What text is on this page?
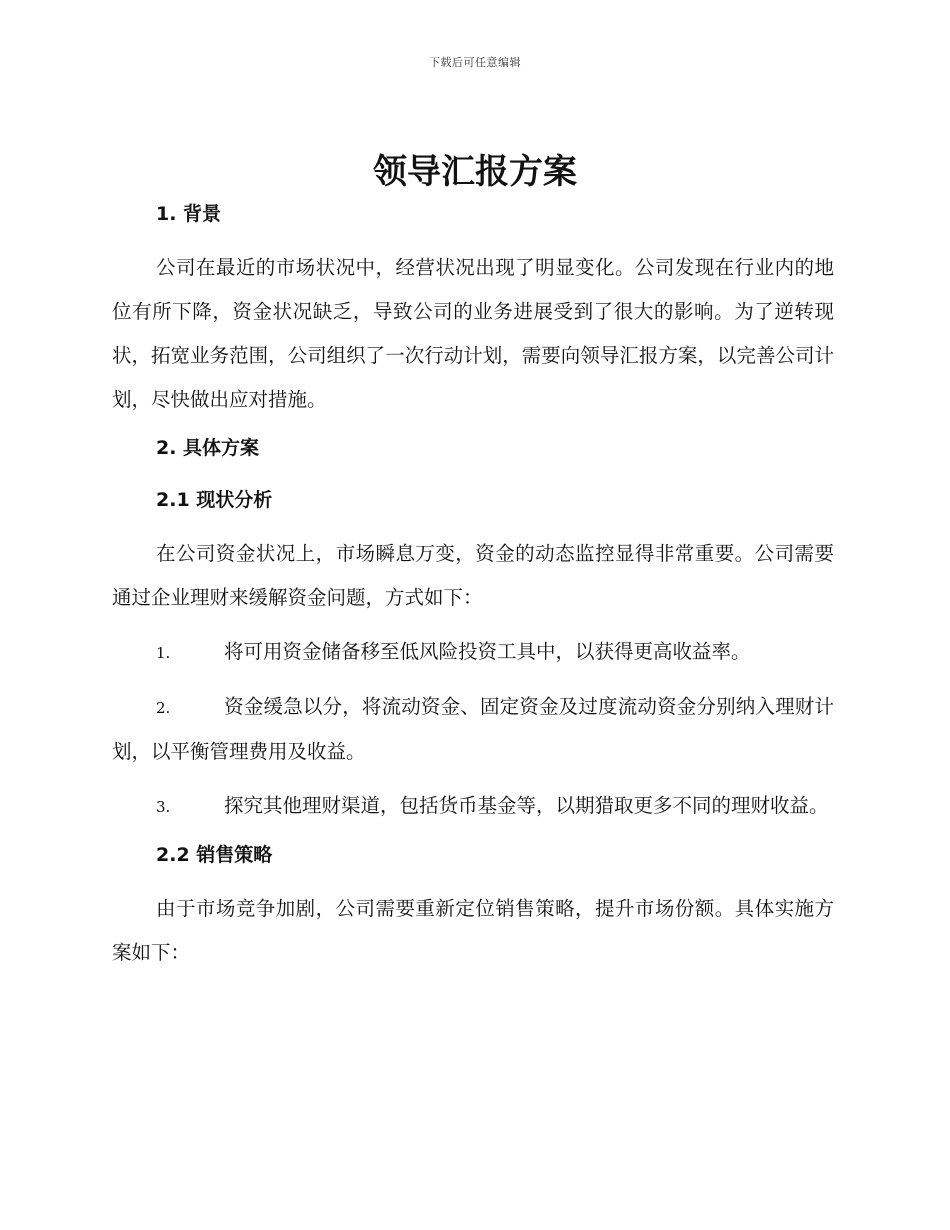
下载后可任意编辑
领导汇报方案
1. 背景

公司在最近的市场状况中，经营状况出现了明显变化。公司发现在行业内的地位有所下降，资金状况缺乏，导致公司的业务进展受到了很大的影响。为了逆转现状，拓宽业务范围，公司组织了一次行动计划，需要向领导汇报方案，以完善公司计划，尽快做出应对措施。

2. 具体方案
2.1 现状分析

在公司资金状况上，市场瞬息万变，资金的动态监控显得非常重要。公司需要通过企业理财来缓解资金问题，方式如下：

1.	将可用资金储备移至低风险投资工具中，以获得更高收益率。

2.	资金缓急以分，将流动资金、固定资金及过度流动资金分别纳入理财计划，以平衡管理费用及收益。

3.	探究其他理财渠道，包括货币基金等，以期猎取更多不同的理财收益。

2.2 销售策略

由于市场竞争加剧，公司需要重新定位销售策略，提升市场份额。具体实施方案如下：
